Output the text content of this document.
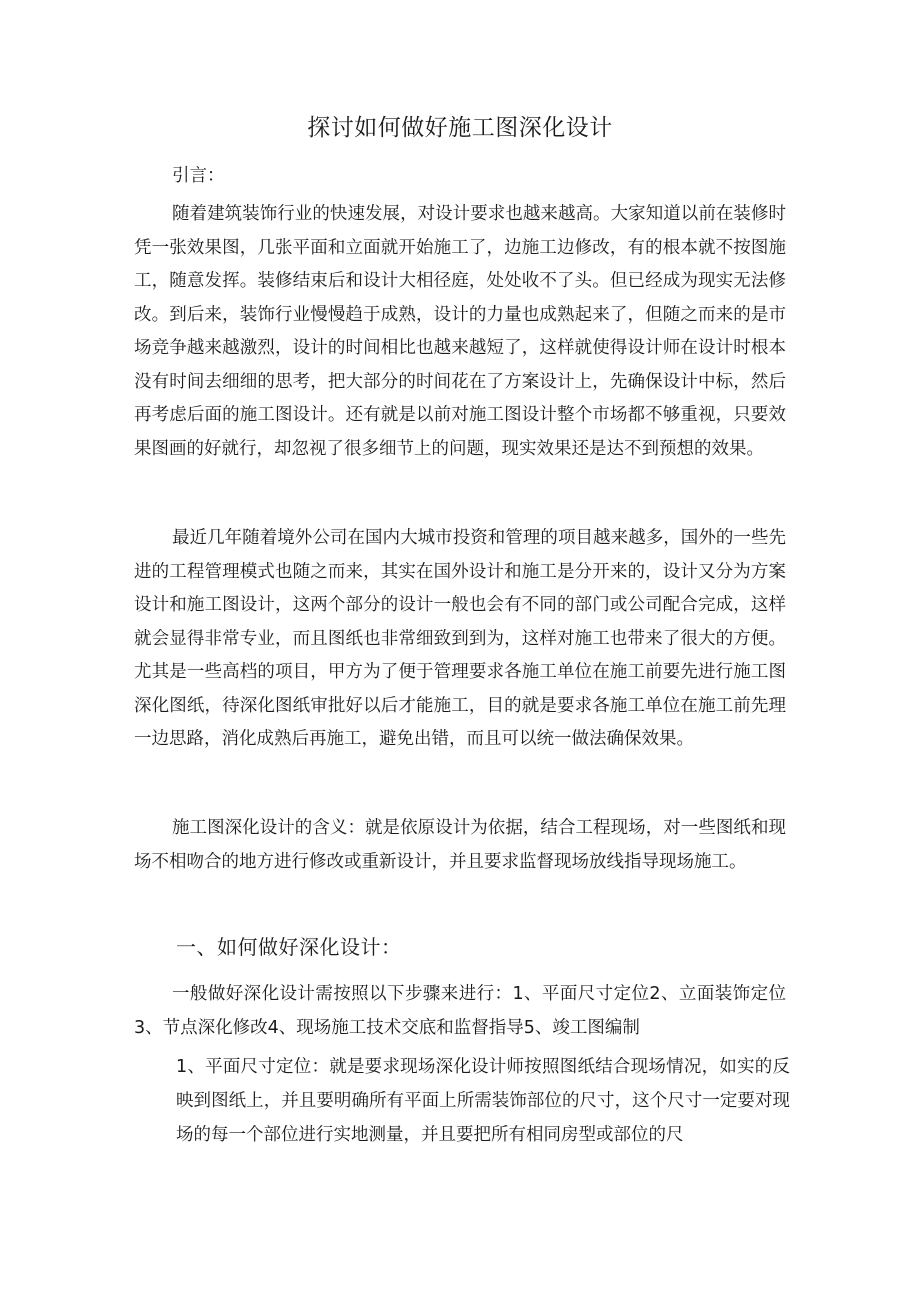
探讨如何做好施工图深化设计
引言：

随着建筑装饰行业的快速发展，对设计要求也越来越高。大家知道以前在装修时凭一张效果图，几张平面和立面就开始施工了，边施工边修改，有的根本就不按图施工，随意发挥。装修结束后和设计大相径庭，处处收不了头。但已经成为现实无法修改。到后来，装饰行业慢慢趋于成熟，设计的力量也成熟起来了，但随之而来的是市场竞争越来越激烈，设计的时间相比也越来越短了，这样就使得设计师在设计时根本没有时间去细细的思考，把大部分的时间花在了方案设计上，先确保设计中标，然后再考虑后面的施工图设计。还有就是以前对施工图设计整个市场都不够重视，只要效果图画的好就行，却忽视了很多细节上的问题，现实效果还是达不到预想的效果。

最近几年随着境外公司在国内大城市投资和管理的项目越来越多，国外的一些先进的工程管理模式也随之而来，其实在国外设计和施工是分开来的，设计又分为方案设计和施工图设计，这两个部分的设计一般也会有不同的部门或公司配合完成，这样就会显得非常专业，而且图纸也非常细致到到为，这样对施工也带来了很大的方便。尤其是一些高档的项目，甲方为了便于管理要求各施工单位在施工前要先进行施工图深化图纸，待深化图纸审批好以后才能施工，目的就是要求各施工单位在施工前先理一边思路，消化成熟后再施工，避免出错，而且可以统一做法确保效果。

施工图深化设计的含义：就是依原设计为依据，结合工程现场，对一些图纸和现场不相吻合的地方进行修改或重新设计，并且要求监督现场放线指导现场施工。

一、如何做好深化设计：

一般做好深化设计需按照以下步骤来进行：1、平面尺寸定位2、立面装饰定位3、节点深化修改4、现场施工技术交底和监督指导5、竣工图编制

1、平面尺寸定位：就是要求现场深化设计师按照图纸结合现场情况，如实的反映到图纸上，并且要明确所有平面上所需装饰部位的尺寸，这个尺寸一定要对现场的每一个部位进行实地测量，并且要把所有相同房型或部位的尺
